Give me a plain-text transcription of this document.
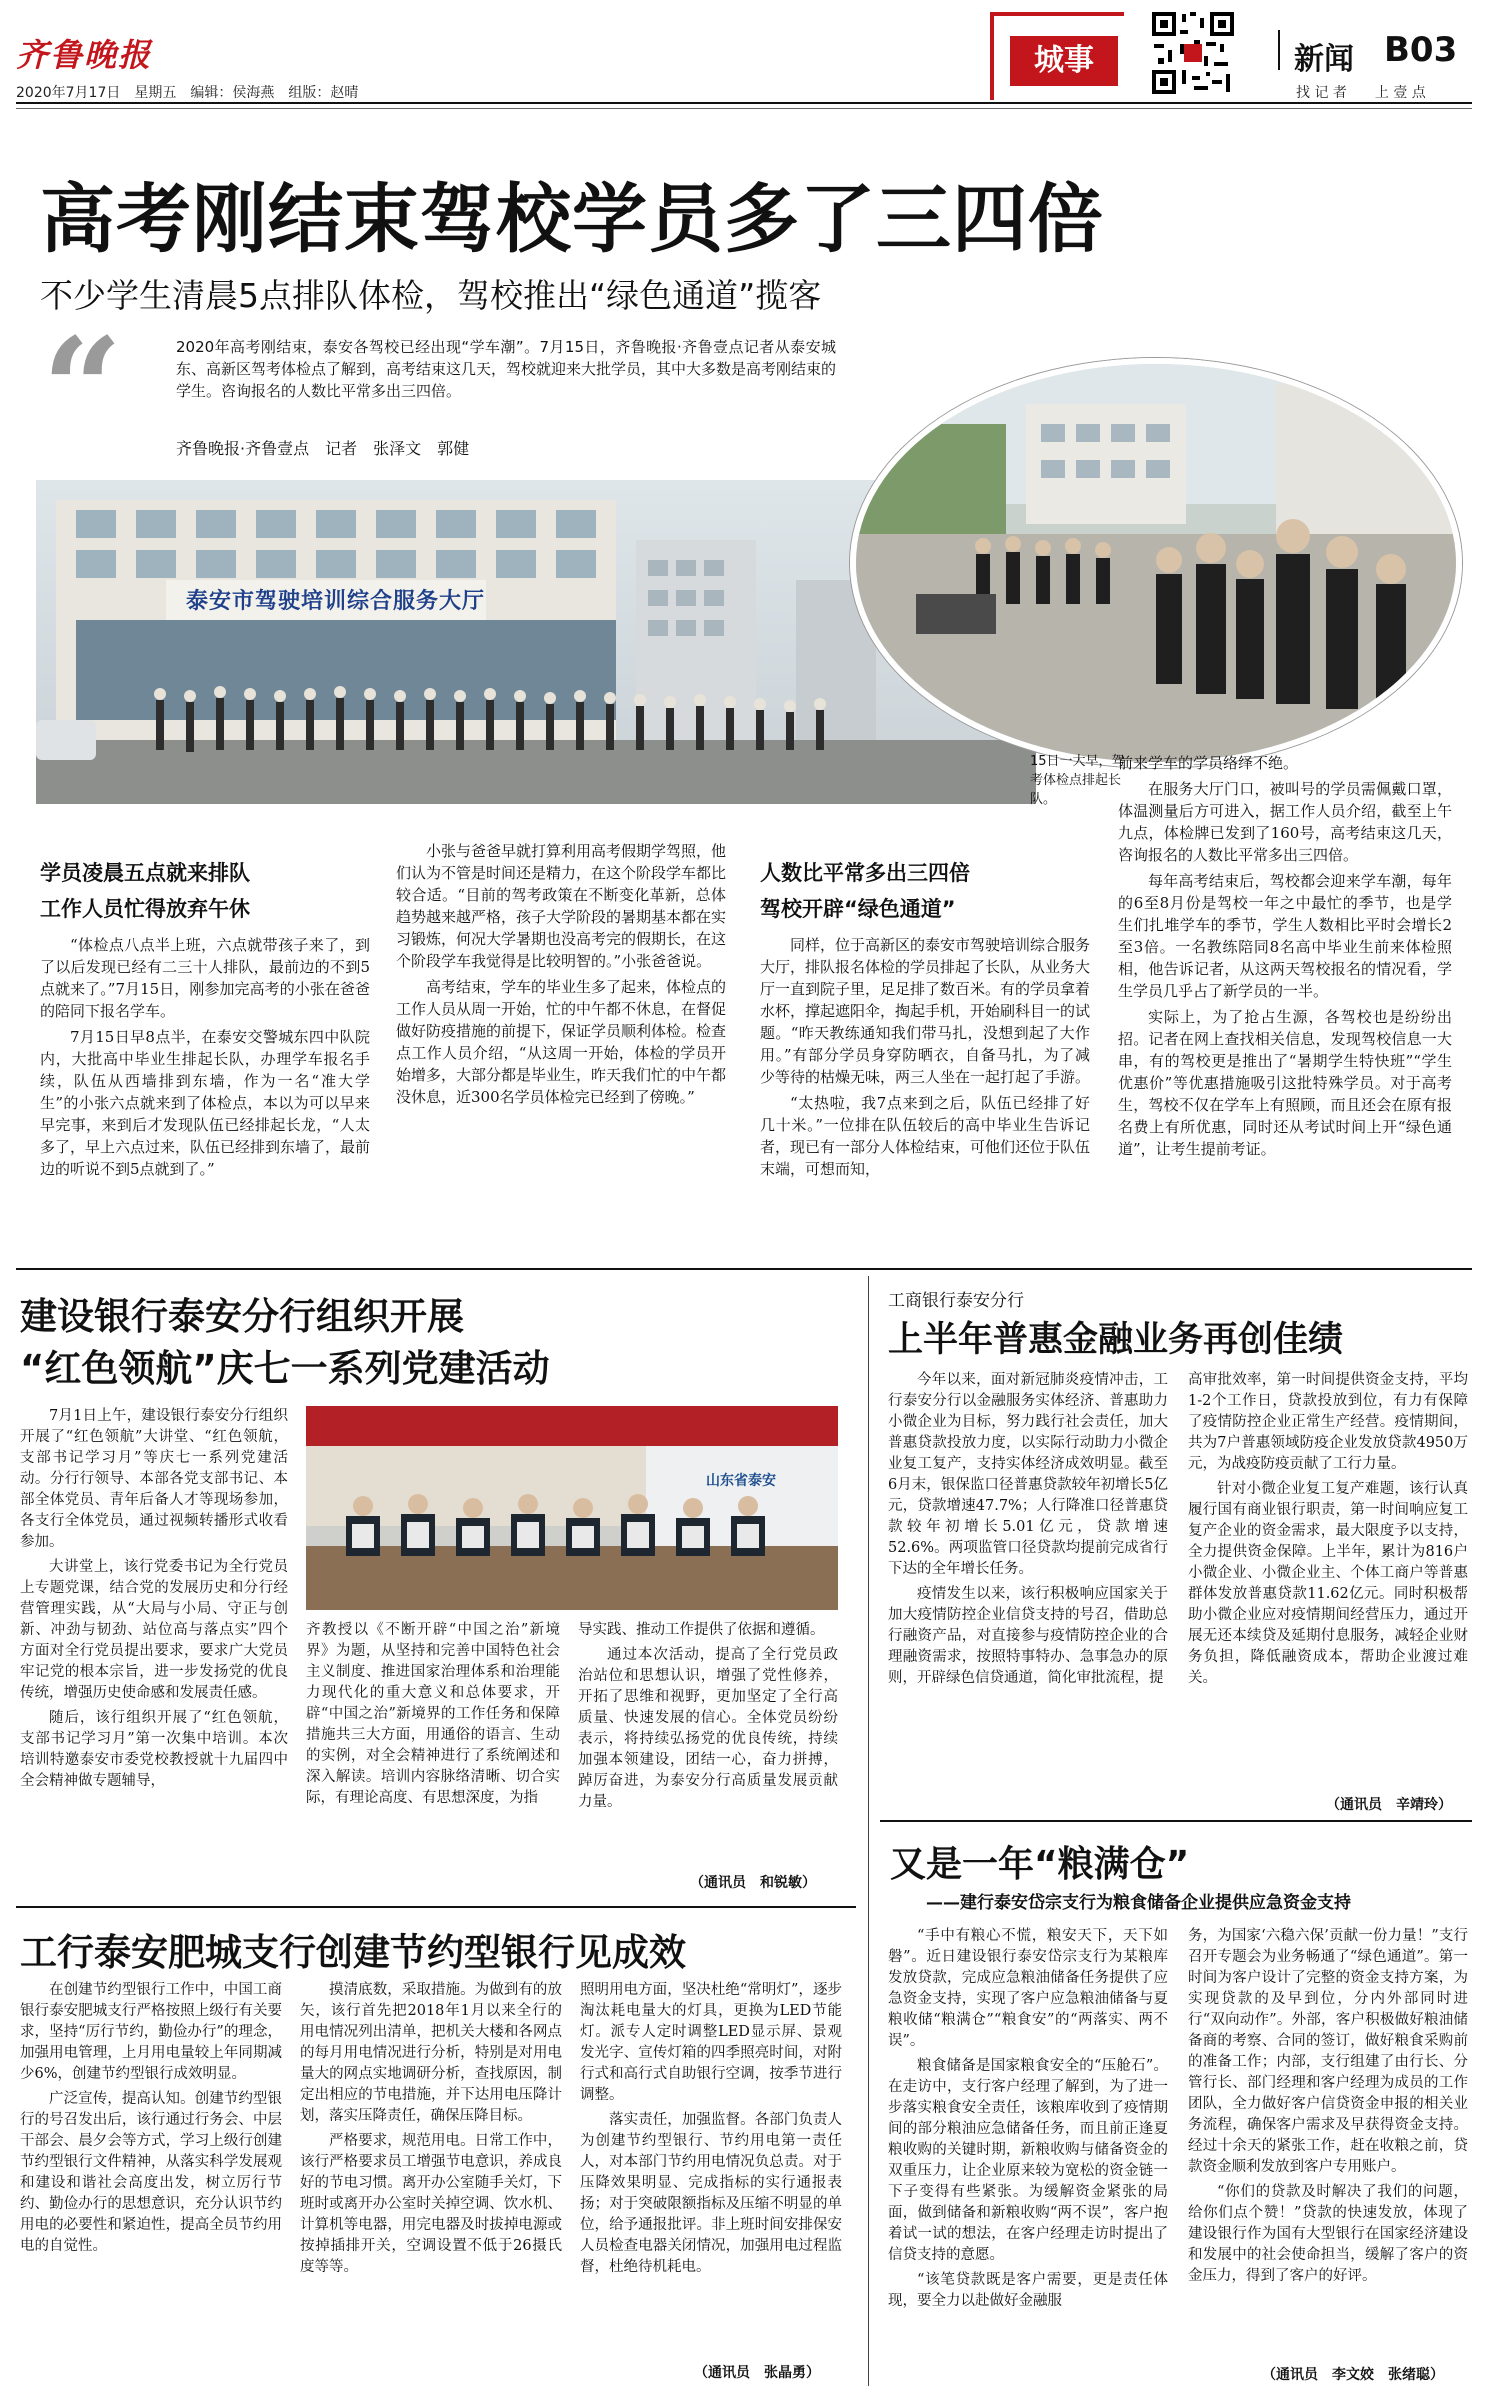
齐鲁晚报
2020年7月17日　星期五　编辑：侯海燕　组版：赵晴
城事	新闻 B03
找 记 者　　上 壹 点
高考刚结束驾校学员多了三四倍
不少学生清晨5点排队体检，驾校推出“绿色通道”揽客
“	2020年高考刚结束，泰安各驾校已经出现“学车潮”。7月15日，齐鲁晚报·齐鲁壹点记者从泰安城东、高新区驾考体检点了解到，高考结束这几天，驾校就迎来大批学员，其中大多数是高考刚结束的学生。咨询报名的人数比平常多出三四倍。
齐鲁晚报·齐鲁壹点　记者　张泽文　郭健
泰安市驾驶培训综合服务大厅
15日一大早，驾考体检点排起长队。
学员凌晨五点就来排队
工作人员忙得放弃午休

“体检点八点半上班，六点就带孩子来了，到了以后发现已经有二三十人排队，最前边的不到5点就来了。”7月15日，刚参加完高考的小张在爸爸的陪同下报名学车。

7月15日早8点半，在泰安交警城东四中队院内，大批高中毕业生排起长队，办理学车报名手续，队伍从西墙排到东墙，作为一名“准大学生”的小张六点就来到了体检点，本以为可以早来早完事，来到后才发现队伍已经排起长龙，“人太多了，早上六点过来，队伍已经排到东墙了，最前边的听说不到5点就到了。”

小张与爸爸早就打算利用高考假期学驾照，他们认为不管是时间还是精力，在这个阶段学车都比较合适。“目前的驾考政策在不断变化革新，总体趋势越来越严格，孩子大学阶段的暑期基本都在实习锻炼，何况大学暑期也没高考完的假期长，在这个阶段学车我觉得是比较明智的。”小张爸爸说。

高考结束，学车的毕业生多了起来，体检点的工作人员从周一开始，忙的中午都不休息，在督促做好防疫措施的前提下，保证学员顺利体检。检查点工作人员介绍，“从这周一开始，体检的学员开始增多，大部分都是毕业生，昨天我们忙的中午都没休息，近300名学员体检完已经到了傍晚。”

人数比平常多出三四倍
驾校开辟“绿色通道”

同样，位于高新区的泰安市驾驶培训综合服务大厅，排队报名体检的学员排起了长队，从业务大厅一直到院子里，足足排了数百米。有的学员拿着水杯，撑起遮阳伞，掏起手机，开始刷科目一的试题。“昨天教练通知我们带马扎，没想到起了大作用。”有部分学员身穿防晒衣，自备马扎，为了减少等待的枯燥无味，两三人坐在一起打起了手游。

“太热啦，我7点来到之后，队伍已经排了好几十米。”一位排在队伍较后的高中毕业生告诉记者，现已有一部分人体检结束，可他们还位于队伍末端，可想而知，

前来学车的学员络绎不绝。

在服务大厅门口，被叫号的学员需佩戴口罩，体温测量后方可进入，据工作人员介绍，截至上午九点，体检牌已发到了160号，高考结束这几天，咨询报名的人数比平常多出三四倍。

每年高考结束后，驾校都会迎来学车潮，每年的6至8月份是驾校一年之中最忙的季节，也是学生们扎堆学车的季节，学生人数相比平时会增长2至3倍。一名教练陪同8名高中毕业生前来体检照相，他告诉记者，从这两天驾校报名的情况看，学生学员几乎占了新学员的一半。

实际上，为了抢占生源，各驾校也是纷纷出招。记者在网上查找相关信息，发现驾校信息一大串，有的驾校更是推出了“暑期学生特快班”“学生优惠价”等优惠措施吸引这批特殊学员。对于高考生，驾校不仅在学车上有照顾，而且还会在原有报名费上有所优惠，同时还从考试时间上开“绿色通道”，让考生提前考证。

建设银行泰安分行组织开展
“红色领航”庆七一系列党建活动

7月1日上午，建设银行泰安分行组织开展了“红色领航”大讲堂、“红色领航，支部书记学习月”等庆七一系列党建活动。分行行领导、本部各党支部书记、本部全体党员、青年后备人才等现场参加，各支行全体党员，通过视频转播形式收看参加。

大讲堂上，该行党委书记为全行党员上专题党课，结合党的发展历史和分行经营管理实践，从“大局与小局、守正与创新、冲劲与韧劲、站位高与落点实”四个方面对全行党员提出要求，要求广大党员牢记党的根本宗旨，进一步发扬党的优良传统，增强历史使命感和发展责任感。

随后，该行组织开展了“红色领航，支部书记学习月”第一次集中培训。本次培训特邀泰安市委党校教授就十九届四中全会精神做专题辅导，

山东省泰安

齐教授以《不断开辟“中国之治”新境界》为题，从坚持和完善中国特色社会主义制度、推进国家治理体系和治理能力现代化的重大意义和总体要求，开辟“中国之治”新境界的工作任务和保障措施共三大方面，用通俗的语言、生动的实例，对全会精神进行了系统阐述和深入解读。培训内容脉络清晰、切合实际，有理论高度、有思想深度，为指

导实践、推动工作提供了依据和遵循。

通过本次活动，提高了全行党员政治站位和思想认识，增强了党性修养，开拓了思维和视野，更加坚定了全行高质量、快速发展的信心。全体党员纷纷表示，将持续弘扬党的优良传统，持续加强本领建设，团结一心，奋力拼搏，踔厉奋进，为泰安分行高质量发展贡献力量。

（通讯员　和锐敏）
工行泰安肥城支行创建节约型银行见成效

在创建节约型银行工作中，中国工商银行泰安肥城支行严格按照上级行有关要求，坚持“厉行节约，勤俭办行”的理念，加强用电管理，上月用电量较上年同期减少6%，创建节约型银行成效明显。

广泛宣传，提高认知。创建节约型银行的号召发出后，该行通过行务会、中层干部会、晨夕会等方式，学习上级行创建节约型银行文件精神，从落实科学发展观和建设和谐社会高度出发，树立厉行节约、勤俭办行的思想意识，充分认识节约用电的必要性和紧迫性，提高全员节约用电的自觉性。

摸清底数，采取措施。为做到有的放矢，该行首先把2018年1月以来全行的用电情况列出清单，把机关大楼和各网点的每月用电情况进行分析，特别是对用电量大的网点实地调研分析，查找原因，制定出相应的节电措施，并下达用电压降计划，落实压降责任，确保压降目标。

严格要求，规范用电。日常工作中，该行严格要求员工增强节电意识，养成良好的节电习惯。离开办公室随手关灯，下班时或离开办公室时关掉空调、饮水机、计算机等电器，用完电器及时拔掉电源或按掉插排开关，空调设置不低于26摄氏度等等。

照明用电方面，坚决杜绝“常明灯”，逐步淘汰耗电量大的灯具，更换为LED节能灯。派专人定时调整LED显示屏、景观发光字、宣传灯箱的四季照亮时间，对附行式和高行式自助银行空调，按季节进行调整。

落实责任，加强监督。各部门负责人为创建节约型银行、节约用电第一责任人，对本部门节约用电情况负总责。对于压降效果明显、完成指标的实行通报表扬；对于突破限额指标及压缩不明显的单位，给予通报批评。非上班时间安排保安人员检查电器关闭情况，加强用电过程监督，杜绝待机耗电。

（通讯员　张晶勇）
工商银行泰安分行
上半年普惠金融业务再创佳绩

今年以来，面对新冠肺炎疫情冲击，工行泰安分行以金融服务实体经济、普惠助力小微企业为目标，努力践行社会责任，加大普惠贷款投放力度，以实际行动助力小微企业复工复产，支持实体经济成效明显。截至6月末，银保监口径普惠贷款较年初增长5亿元，贷款增速47.7%；人行降准口径普惠贷款较年初增长5.01亿元，贷款增速52.6%。两项监管口径贷款均提前完成省行下达的全年增长任务。

疫情发生以来，该行积极响应国家关于加大疫情防控企业信贷支持的号召，借助总行融资产品，对直接参与疫情防控企业的合理融资需求，按照特事特办、急事急办的原则，开辟绿色信贷通道，简化审批流程，提

高审批效率，第一时间提供资金支持，平均1-2个工作日，贷款投放到位，有力有保障了疫情防控企业正常生产经营。疫情期间，共为7户普惠领域防疫企业发放贷款4950万元，为战疫防疫贡献了工行力量。

针对小微企业复工复产难题，该行认真履行国有商业银行职责，第一时间响应复工复产企业的资金需求，最大限度予以支持，全力提供资金保障。上半年，累计为816户小微企业、小微企业主、个体工商户等普惠群体发放普惠贷款11.62亿元。同时积极帮助小微企业应对疫情期间经营压力，通过开展无还本续贷及延期付息服务，减轻企业财务负担，降低融资成本，帮助企业渡过难关。

（通讯员　辛靖玲）
又是一年“粮满仓”
——建行泰安岱宗支行为粮食储备企业提供应急资金支持

“手中有粮心不慌，粮安天下，天下如磐”。近日建设银行泰安岱宗支行为某粮库发放贷款，完成应急粮油储备任务提供了应急资金支持，实现了客户应急粮油储备与夏粮收储“粮满仓”“粮食安”的“两落实、两不误”。

粮食储备是国家粮食安全的“压舱石”。在走访中，支行客户经理了解到，为了进一步落实粮食安全责任，该粮库收到了疫情期间的部分粮油应急储备任务，而且前正逢夏粮收购的关键时期，新粮收购与储备资金的双重压力，让企业原来较为宽松的资金链一下子变得有些紧张。为缓解资金紧张的局面，做到储备和新粮收购“两不误”，客户抱着试一试的想法，在客户经理走访时提出了信贷支持的意愿。

“该笔贷款既是客户需要，更是责任体现，要全力以赴做好金融服

务，为国家‘六稳六保’贡献一份力量！”支行召开专题会为业务畅通了“绿色通道”。第一时间为客户设计了完整的资金支持方案，为实现贷款的及早到位，分内外部同时进行“双向动作”。外部，客户积极做好粮油储备商的考察、合同的签订，做好粮食采购前的准备工作；内部，支行组建了由行长、分管行长、部门经理和客户经理为成员的工作团队，全力做好客户信贷资金申报的相关业务流程，确保客户需求及早获得资金支持。经过十余天的紧张工作，赶在收粮之前，贷款资金顺利发放到客户专用账户。

“你们的贷款及时解决了我们的问题，给你们点个赞！”贷款的快速发放，体现了建设银行作为国有大型银行在国家经济建设和发展中的社会使命担当，缓解了客户的资金压力，得到了客户的好评。

（通讯员　李文姣　张绪聪）
